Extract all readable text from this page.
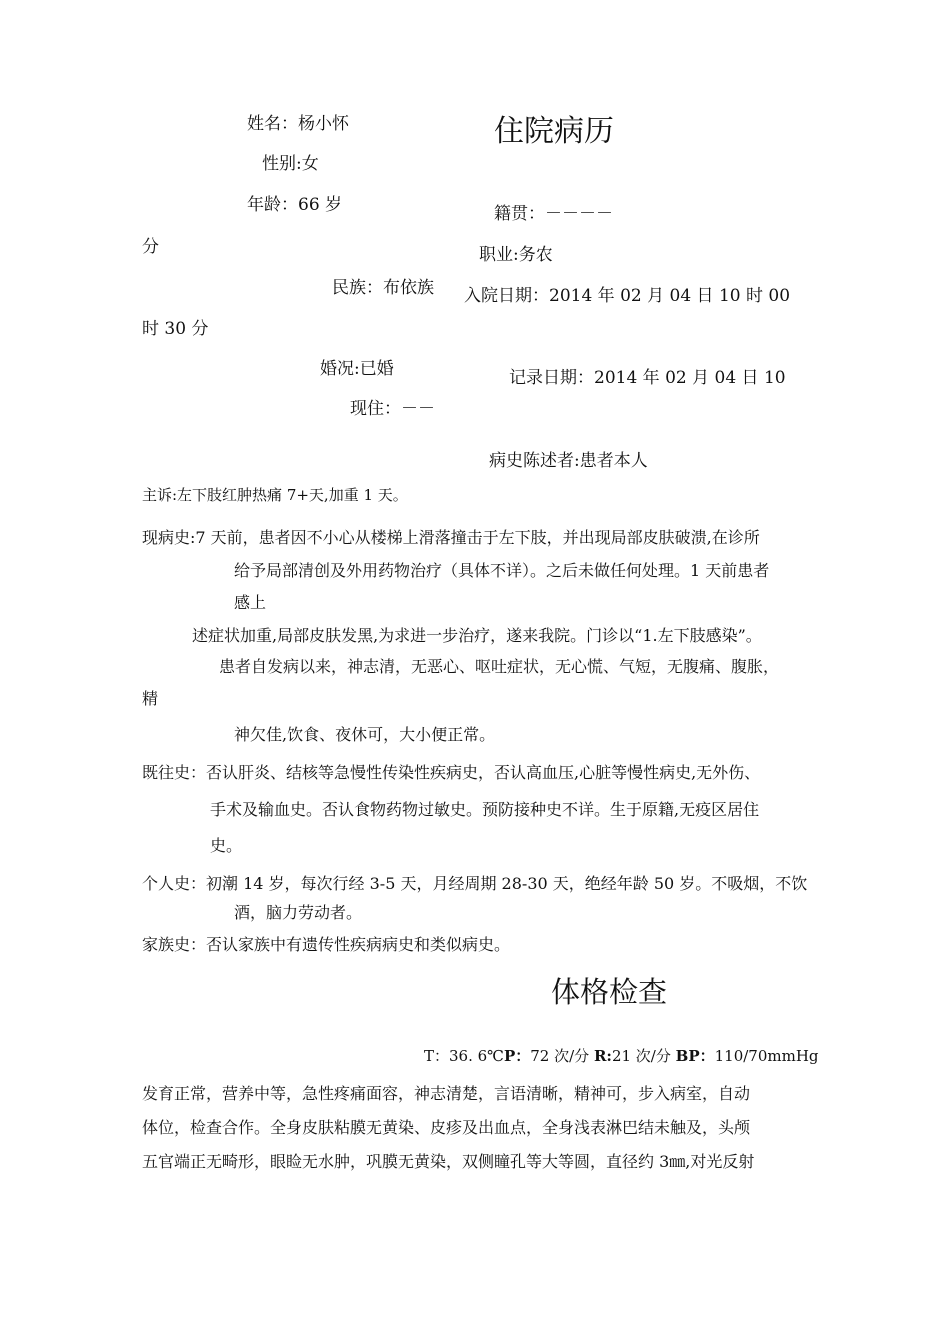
姓名：杨小怀	住院病历
性别:女
年龄：66 岁	籍贯：－－－－
分	职业:务农
民族：布依族 入院日期：2014 年 02 月 04 日 10 时 00
时 30 分
婚况:已婚	记录日期：2014 年 02 月 04 日 10
现住：－－
病史陈述者:患者本人
主诉:左下肢红肿热痛 7+天,加重 1 天。
现病史:7 天前，患者因不小心从楼梯上滑落撞击于左下肢，并出现局部皮肤破溃,在诊所
给予局部清创及外用药物治疗（具体不详）。之后未做任何处理。1 天前患者
感上
述症状加重,局部皮肤发黑,为求进一步治疗，遂来我院。门诊以“1.左下肢感染”。
患者自发病以来，神志清，无恶心、呕吐症状，无心慌、气短，无腹痛、腹胀，
精
神欠佳,饮食、夜休可，大小便正常。
既往史：否认肝炎、结核等急慢性传染性疾病史，否认高血压,心脏等慢性病史,无外伤、
手术及输血史。否认食物药物过敏史。预防接种史不详。生于原籍,无疫区居住
史。
个人史：初潮 14 岁，每次行经 3-5 天，月经周期 28-30 天，绝经年龄 50 岁。不吸烟，不饮
酒，脑力劳动者。
家族史：否认家族中有遗传性疾病病史和类似病史。
体格检查
T：36. 6℃P：72 次/分 R:21 次/分 BP：110/70mmHg
发育正常，营养中等，急性疼痛面容，神志清楚，言语清晰，精神可，步入病室，自动
体位，检查合作。全身皮肤粘膜无黄染、皮疹及出血点，全身浅表淋巴结未触及，头颅
五官端正无畸形，眼睑无水肿，巩膜无黄染，双侧瞳孔等大等圆，直径约 3㎜,对光反射
